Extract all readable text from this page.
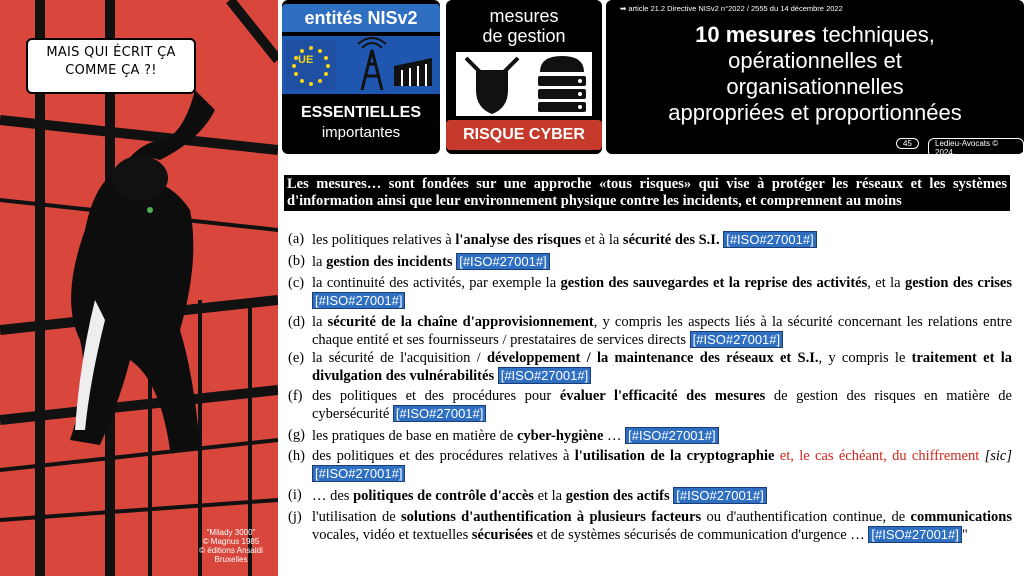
MAIS QUI ÉCRIT ÇA
COMME ÇA ?!
"Milady 3000"
© Magnus 1985
© éditions Ansaldi
Bruxelles
entités NISv2
UE
ESSENTIELLES
importantes
mesures
de gestion
RISQUE CYBER
➡ article 21.2 Directive NISv2 n°2022 / 2555 du 14 décembre 2022
10 mesures techniques,
opérationnelles et
organisationnelles
appropriées et proportionnées
45	Ledieu-Avocats © 2024
Les mesures… sont fondées sur une approche «tous risques» qui vise à protéger les réseaux et les systèmes d'information ainsi que leur environnement physique contre les incidents, et comprennent au moins
(a) les politiques relatives à l'analyse des risques et à la sécurité des S.I. [#ISO#27001#]
(b) la gestion des incidents [#ISO#27001#]
(c) la continuité des activités, par exemple la gestion des sauvegardes et la reprise des activités, et la gestion des crises [#ISO#27001#]
(d) la sécurité de la chaîne d'approvisionnement, y compris les aspects liés à la sécurité concernant les relations entre chaque entité et ses fournisseurs / prestataires de services directs [#ISO#27001#]
(e) la sécurité de l'acquisition / développement / la maintenance des réseaux et S.I., y compris le traitement et la divulgation des vulnérabilités [#ISO#27001#]
(f) des politiques et des procédures pour évaluer l'efficacité des mesures de gestion des risques en matière de cybersécurité [#ISO#27001#]
(g) les pratiques de base en matière de cyber-hygiène … [#ISO#27001#]
(h) des politiques et des procédures relatives à l'utilisation de la cryptographie et, le cas échéant, du chiffrement [sic] [#ISO#27001#]
(i) … des politiques de contrôle d'accès et la gestion des actifs [#ISO#27001#]
(j) l'utilisation de solutions d'authentification à plusieurs facteurs ou d'authentification continue, de communications vocales, vidéo et textuelles sécurisées et de systèmes sécurisés de communication d'urgence … [#ISO#27001#] "
